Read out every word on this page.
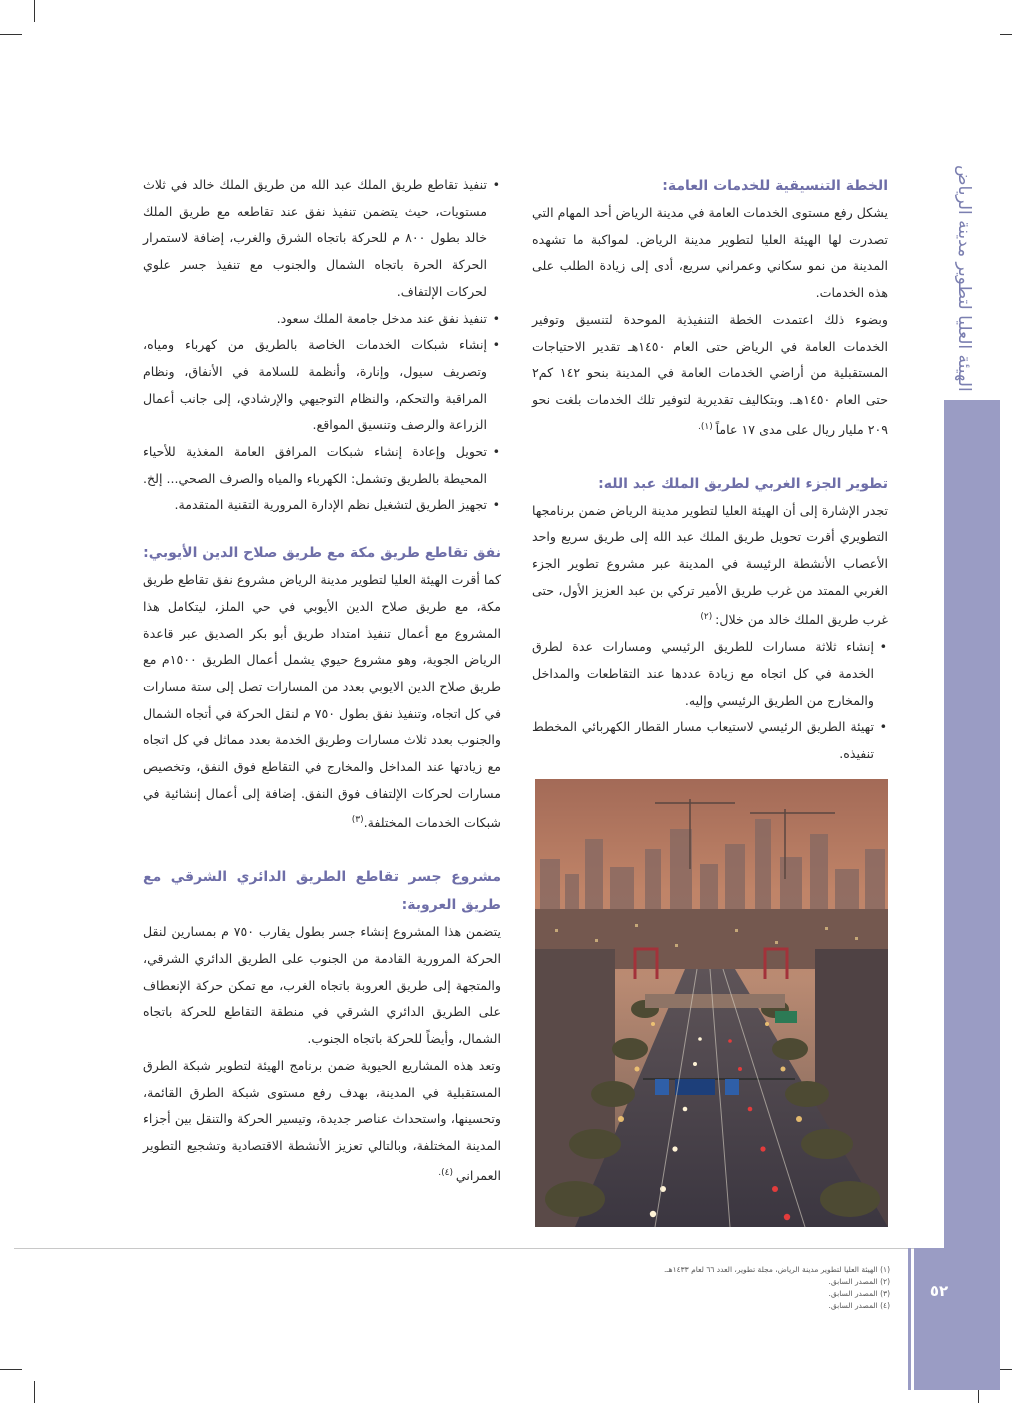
الهيئة العليا لتطوير مدينة الرياض
الخطة التنسيقية للخدمات العامة:

يشكل رفع مستوى الخدمات العامة في مدينة الرياض أحد المهام التي تصدرت لها الهيئة العليا لتطوير مدينة الرياض. لمواكبة ما تشهده المدينة من نمو سكاني وعمراني سريع، أدى إلى زيادة الطلب على هذه الخدمات.

وبضوء ذلك اعتمدت الخطة التنفيذية الموحدة لتنسيق وتوفير الخدمات العامة في الرياض حتى العام ١٤٥٠هـ تقدير الاحتياجات المستقبلية من أراضي الخدمات العامة في المدينة بنحو ١٤٢ كم٢ حتى العام ١٤٥٠هـ. وبتكاليف تقديرية لتوفير تلك الخدمات بلغت نحو ٢٠٩ مليار ريال على مدى ١٧ عاماً $^{(١).}$

تطوير الجزء الغربي لطريق الملك عبد الله:

تجدر الإشارة إلى أن الهيئة العليا لتطوير مدينة الرياض ضمن برنامجها التطويري أقرت تحويل طريق الملك عبد الله إلى طريق سريع واحد الأعصاب الأنشطة الرئيسة في المدينة عبر مشروع تطوير الجزء الغربي الممتد من غرب طريق الأمير تركي بن عبد العزيز الأول، حتى غرب طريق الملك خالد من خلال: $^{(٢)}$

• إنشاء ثلاثة مسارات للطريق الرئيسي ومسارات عدة لطرق الخدمة في كل اتجاه مع زيادة عددها عند التقاطعات والمداخل والمخارج من الطريق الرئيسي وإليه.
• تهيئة الطريق الرئيسي لاستيعاب مسار القطار الكهربائي المخطط تنفيذه.
• تنفيذ تقاطع طريق الملك عبد الله من طريق الملك خالد في ثلاث مستويات، حيث يتضمن تنفيذ نفق عند تقاطعه مع طريق الملك خالد بطول ٨٠٠ م للحركة باتجاه الشرق والغرب، إضافة لاستمرار الحركة الحرة باتجاه الشمال والجنوب مع تنفيذ جسر علوي لحركات الإلتفاف.
• تنفيذ نفق عند مدخل جامعة الملك سعود.
• إنشاء شبكات الخدمات الخاصة بالطريق من كهرباء ومياه، وتصريف سيول، وإنارة، وأنظمة للسلامة في الأنفاق، ونظام المراقبة والتحكم، والنظام التوجيهي والإرشادي، إلى جانب أعمال الزراعة والرصف وتنسيق المواقع.
• تحويل وإعادة إنشاء شبكات المرافق العامة المغذية للأحياء المحيطة بالطريق وتشمل: الكهرباء والمياه والصرف الصحي... إلخ.
• تجهيز الطريق لتشغيل نظم الإدارة المرورية التقنية المتقدمة.
نفق تقاطع طريق مكة مع طريق صلاح الدين الأيوبي:

كما أقرت الهيئة العليا لتطوير مدينة الرياض مشروع نفق تقاطع طريق مكة، مع طريق صلاح الدين الأيوبي في حي الملز، ليتكامل هذا المشروع مع أعمال تنفيذ امتداد طريق أبو بكر الصديق عبر قاعدة الرياض الجوية، وهو مشروع حيوي يشمل أعمال الطريق ١٥٠٠م مع طريق صلاح الدين الايوبي بعدد من المسارات تصل إلى ستة مسارات في كل اتجاه، وتنفيذ نفق بطول ٧٥٠ م لنقل الحركة في أتجاه الشمال والجنوب بعدد ثلاث مسارات وطريق الخدمة بعدد مماثل في كل اتجاه مع زيادتها عند المداخل والمخارج في التقاطع فوق النفق، وتخصيص مسارات لحركات الإلتفاف فوق النفق. إضافة إلى أعمال إنشائية في شبكات الخدمات المختلفة.$^{(٣)}$

مشروع جسر تقاطع الطريق الدائري الشرقي مع طريق العروبة:

يتضمن هذا المشروع إنشاء جسر بطول يقارب ٧٥٠ م بمسارين لنقل الحركة المرورية القادمة من الجنوب على الطريق الدائري الشرقي، والمتجهة إلى طريق العروبة باتجاه الغرب، مع تمكن حركة الإنعطاف على الطريق الدائري الشرقي في منطقة التقاطع للحركة باتجاه الشمال، وأيضاً للحركة باتجاه الجنوب.

وتعد هذه المشاريع الحيوية ضمن برنامج الهيئة لتطوير شبكة الطرق المستقبلية في المدينة، بهدف رفع مستوى شبكة الطرق القائمة، وتحسينها، واستحداث عناصر جديدة، وتيسير الحركة والتنقل بين أجزاء المدينة المختلفة، وبالتالي تعزيز الأنشطة الاقتصادية وتشجيع التطوير العمراني $^{(٤).}$

٥٢
(١) الهيئة العليا لتطوير مدينة الرياض، مجلة تطوير، العدد ٦٦ لعام ١٤٣٣هـ.
(٢) المصدر السابق.
(٣) المصدر السابق.
(٤) المصدر السابق.
